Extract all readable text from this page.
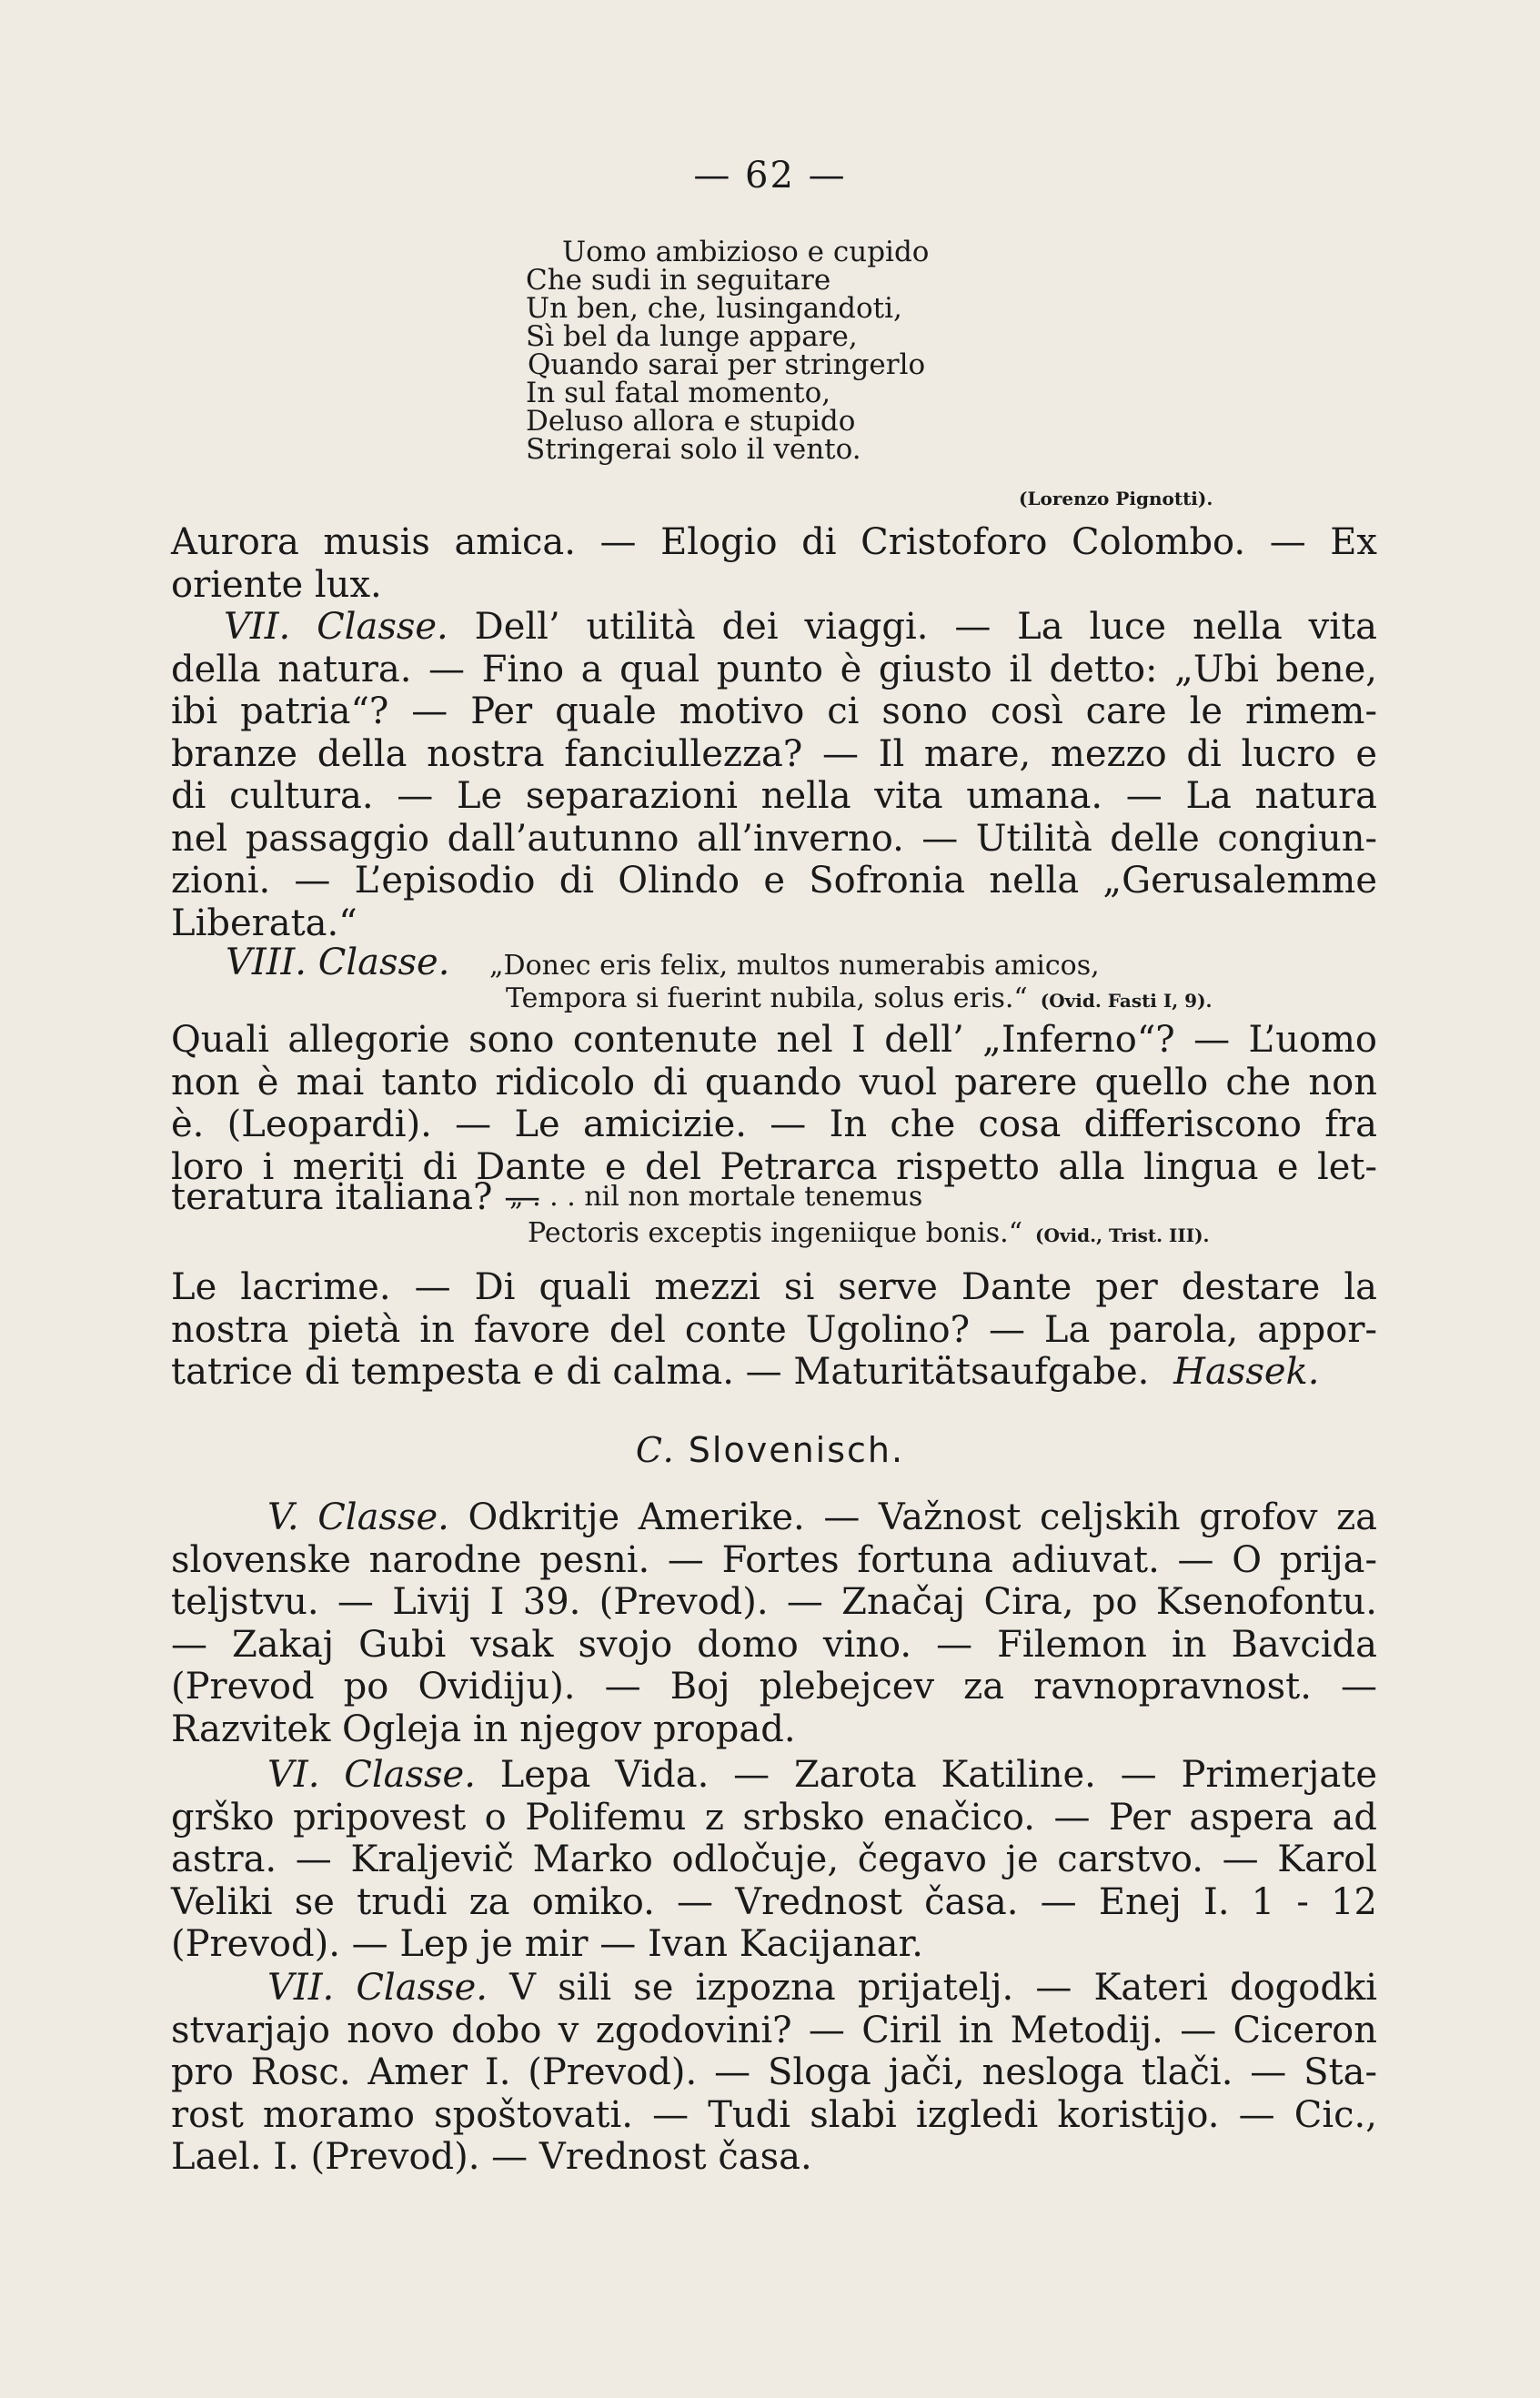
— 62 —
Uomo ambizioso e cupido
Che sudi in seguitare
Un ben, che, lusingandoti,
Sì bel da lunge appare,
Quando sarai per stringerlo
In sul fatal momento,
Deluso allora e stupido
Stringerai solo il vento.
(Lorenzo Pignotti).
Aurora musis amica. — Elogio di Cristoforo Colombo. — Ex
oriente lux.
VII. Classe. Dell’ utilità dei viaggi. — La luce nella vita
della natura. — Fino a qual punto è giusto il detto: „Ubi bene,
ibi patria“? — Per quale motivo ci sono così care le rimem-
branze della nostra fanciullezza? — Il mare, mezzo di lucro e
di cultura. — Le separazioni nella vita umana. — La natura
nel passaggio dall’autunno all’inverno. — Utilità delle congiun-
zioni. — L’episodio di Olindo e Sofronia nella „Gerusalemme
Liberata.“
VIII. Classe. „Donec eris felix, multos numerabis amicos,
Tempora si fuerint nubila, solus eris.“ (Ovid. Fasti I, 9).
Quali allegorie sono contenute nel I dell’ „Inferno“? — L’uomo
non è mai tanto ridicolo di quando vuol parere quello che non
è. (Leopardi). — Le amicizie. — In che cosa differiscono fra
loro i meriti di Dante e del Petrarca rispetto alla lingua e let-
teratura italiana? —
„ . . . nil non mortale tenemus
Pectoris exceptis ingeniique bonis.“ (Ovid., Trist. III).
Le lacrime. — Di quali mezzi si serve Dante per destare la
nostra pietà in favore del conte Ugolino? — La parola, appor-
tatrice di tempesta e di calma. — Maturitätsaufgabe. Hassek.
C. Slovenisch.
V. Classe. Odkritje Amerike. — Važnost celjskih grofov za
slovenske narodne pesni. — Fortes fortuna adiuvat. — O prija-
teljstvu. — Livij I 39. (Prevod). — Značaj Cira, po Ksenofontu.
— Zakaj Gubi vsak svojo domo vino. — Filemon in Bavcida
(Prevod po Ovidiju). — Boj plebejcev za ravnopravnost. —
Razvitek Ogleja in njegov propad.
VI. Classe. Lepa Vida. — Zarota Katiline. — Primerjate
grško pripovest o Polifemu z srbsko enačico. — Per aspera ad
astra. — Kraljevič Marko odločuje, čegavo je carstvo. — Karol
Veliki se trudi za omiko. — Vrednost časa. — Enej I. 1 - 12
(Prevod). — Lep je mir — Ivan Kacijanar.
VII. Classe. V sili se izpozna prijatelj. — Kateri dogodki
stvarjajo novo dobo v zgodovini? — Ciril in Metodij. — Ciceron
pro Rosc. Amer I. (Prevod). — Sloga jači, nesloga tlači. — Sta-
rost moramo spoštovati. — Tudi slabi izgledi koristijo. — Cic.,
Lael. I. (Prevod). — Vrednost časa.
